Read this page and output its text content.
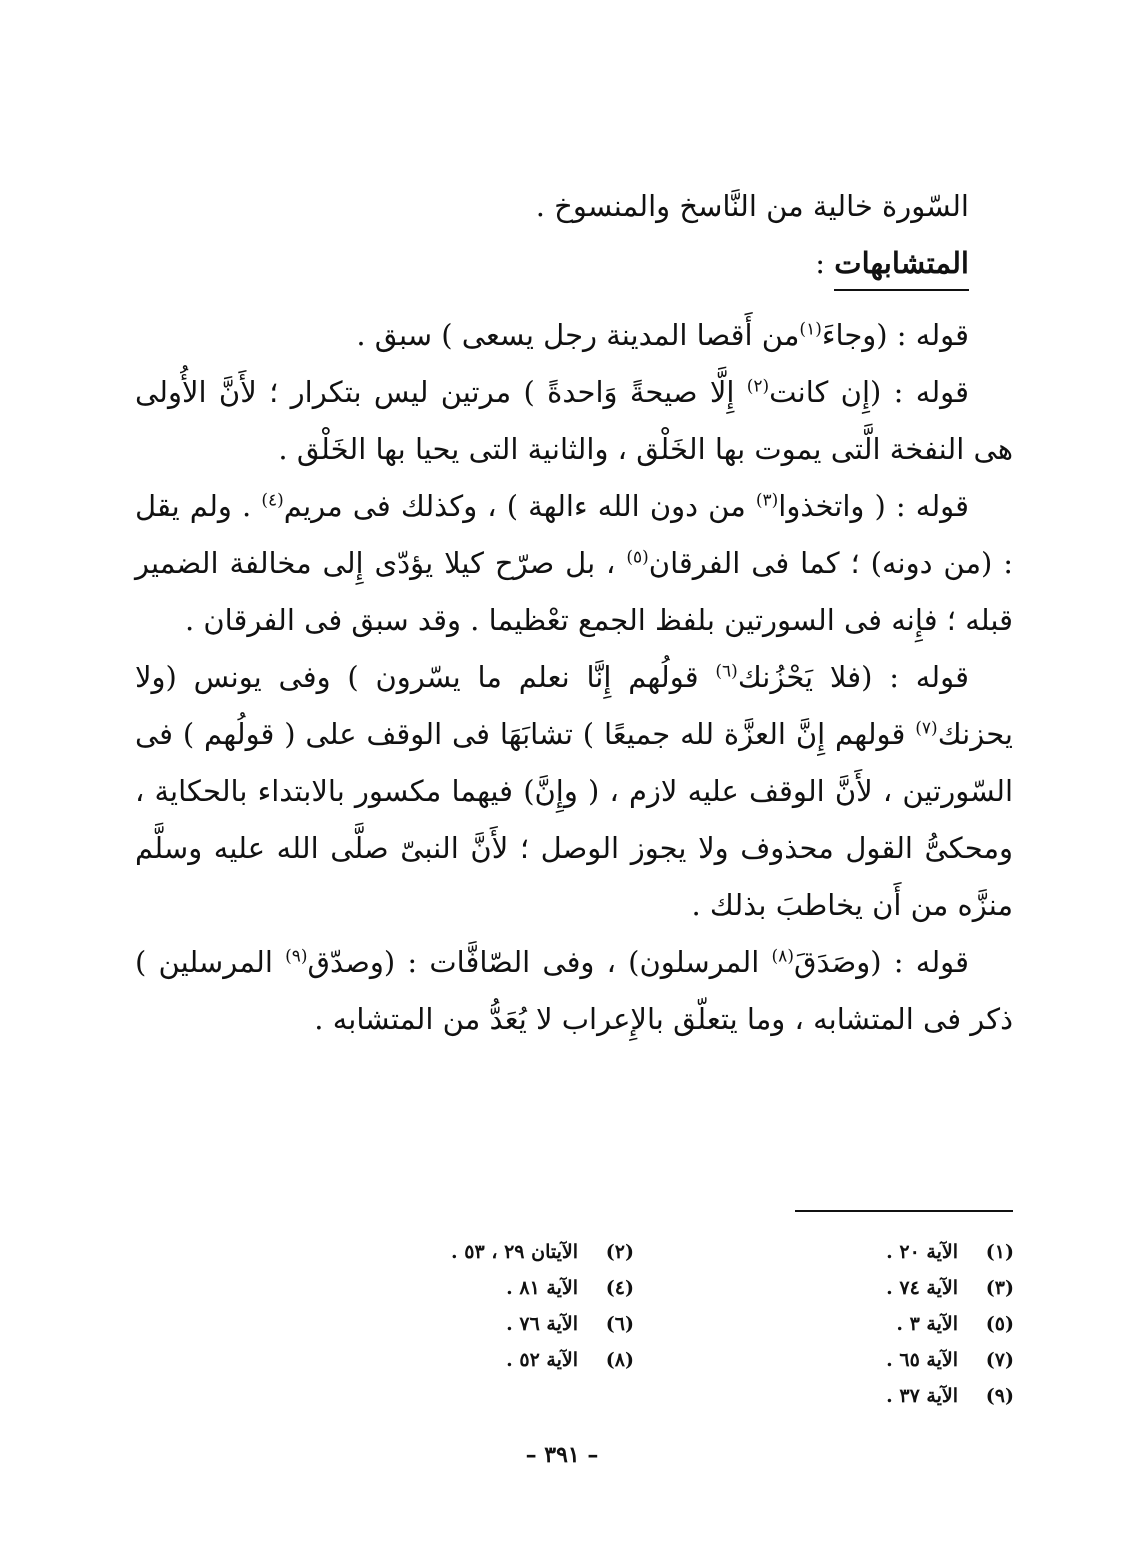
السّورة خالية من النَّاسخ والمنسوخ .

المتشابهات :

قوله : (وجاءَ$^{(١)}$من أَقصا المدينة رجل يسعى ) سبق .

قوله : (إِن كانت$^{(٢)}$ إِلَّا صيحةً وَاحدةً ) مرتين ليس بتكرار ؛ لأَنَّ الأُولى هى النفخة الَّتى يموت بها الخَلْق ، والثانية التى يحيا بها الخَلْق .

قوله : ( واتخذوا$^{(٣)}$ من دون الله ءالهة ) ، وكذلك فى مريم$^{(٤)}$ . ولم يقل : (من دونه) ؛ كما فى الفرقان$^{(٥)}$ ، بل صرّح كيلا يؤدّى إِلى مخالفة الضمير قبله ؛ فإِنه فى السورتين بلفظ الجمع تعْظيما . وقد سبق فى الفرقان .

قوله : (فلا يَحْزُنك$^{(٦)}$ قولُهم إِنَّا نعلم ما يسّرون ) وفى يونس (ولا يحزنك$^{(٧)}$ قولهم إِنَّ العزَّة لله جميعًا ) تشابَهَا فى الوقف على ( قولُهم ) فى السّورتين ، لأَنَّ الوقف عليه لازم ، ( وإِنَّ) فيهما مكسور بالابتداء بالحكاية ، ومحكىُّ القول محذوف ولا يجوز الوصل ؛ لأَنَّ النبىّ صلَّى الله عليه وسلَّم منزَّه من أَن يخاطبَ بذلك .

قوله : (وصَدَقَ$^{(٨)}$ المرسلون) ، وفى الصّافَّات : (وصدّق$^{(٩)}$ المرسلين ) ذكر فى المتشابه ، وما يتعلّق بالإِعراب لا يُعَدُّ من المتشابه .

(١)
الآية ٢٠ .
(٢)
الآيتان ٢٩ ، ٥٣ .
(٣)
الآية ٧٤ .
(٤)
الآية ٨١ .
(٥)
الآية ٣ .
(٦)
الآية ٧٦ .
(٧)
الآية ٦٥ .
(٨)
الآية ٥٢ .
(٩)
الآية ٣٧ .
– ٣٩١ –
